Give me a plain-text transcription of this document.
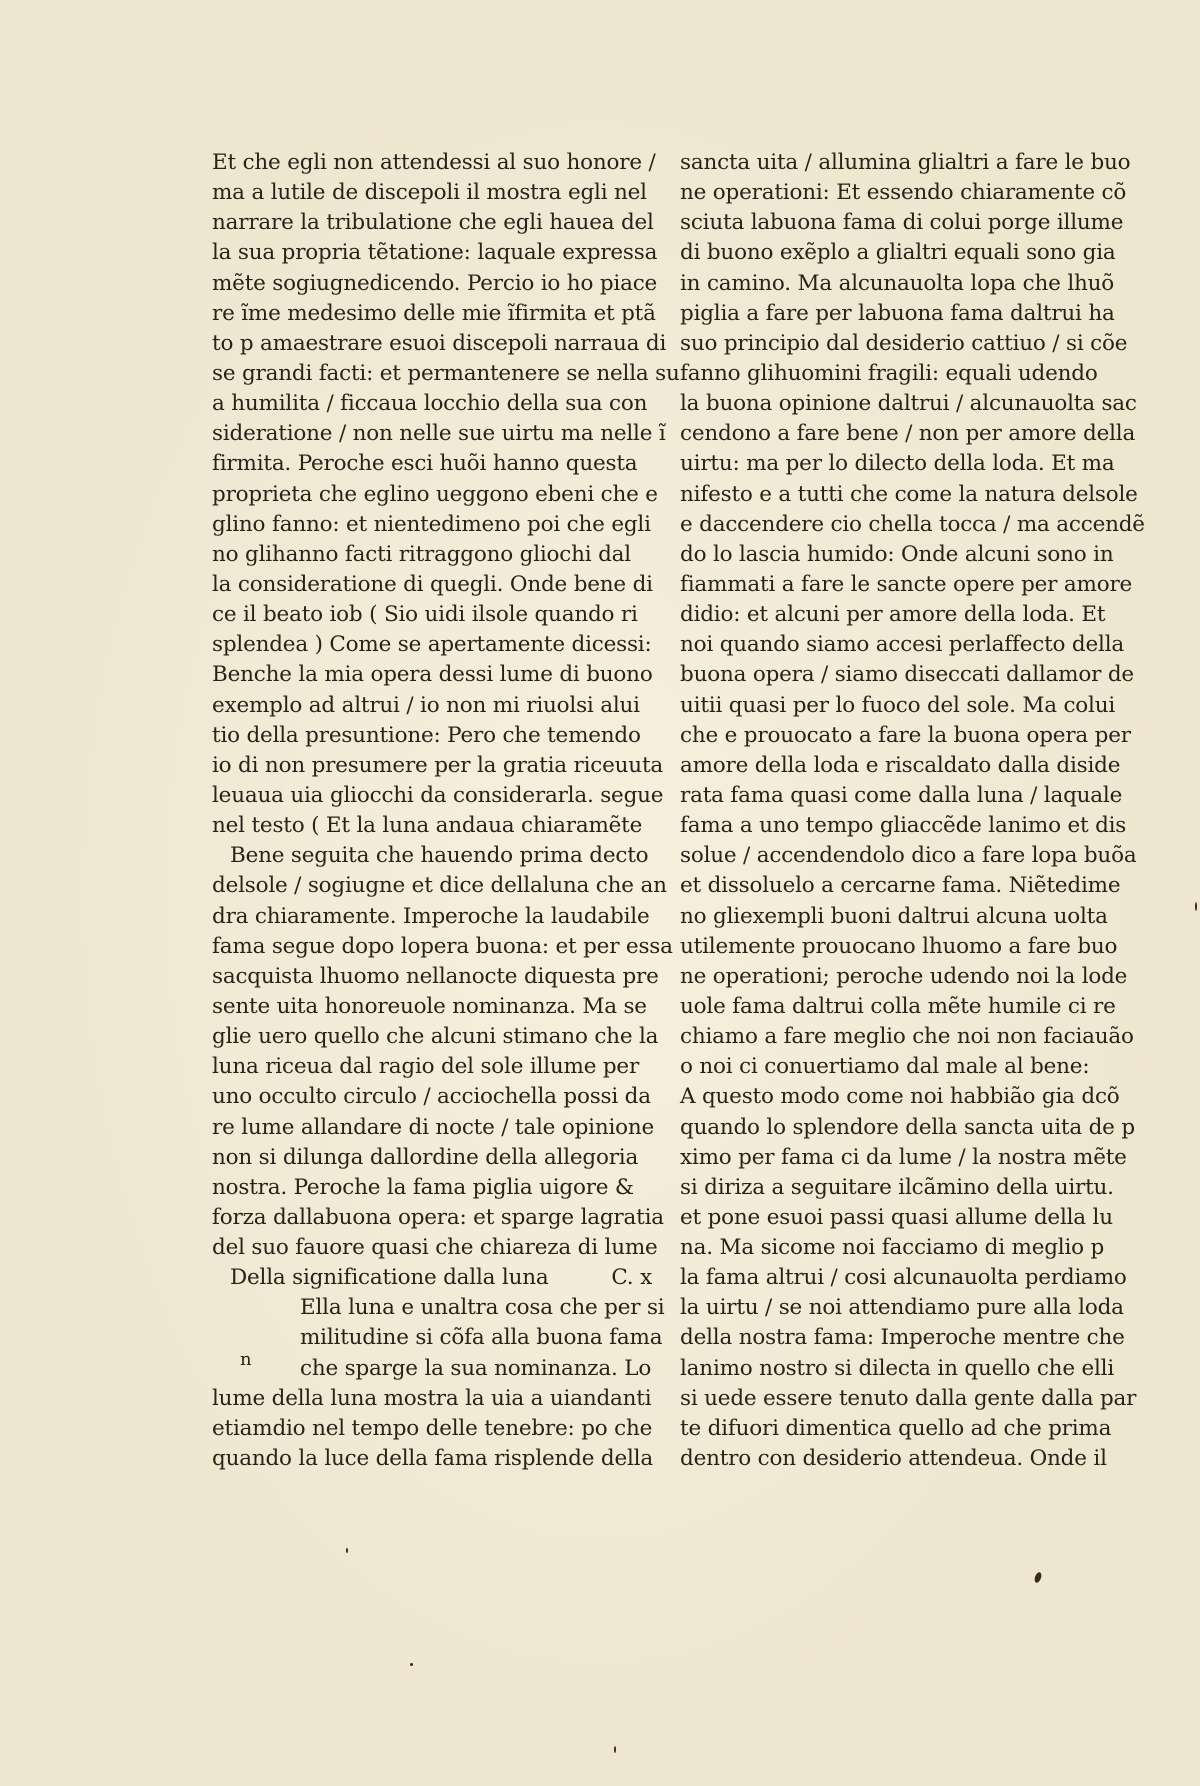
Et che egli non attendessi al suo honore /
ma a lutile de discepoli il mostra egli nel
narrare la tribulatione che egli hauea del
la sua propria tẽtatione: laquale expressa
mẽte sogiugnedicendo. Percio io ho piace
re ĩme medesimo delle mie ĩfirmita et ptã
to p amaestrare esuoi discepoli narraua di
se grandi facti: et permantenere se nella su
a humilita / ficcaua locchio della sua con
sideratione / non nelle sue uirtu ma nelle ĩ
firmita. Peroche esci huõi hanno questa
proprieta che eglino ueggono ebeni che e
glino fanno: et nientedimeno poi che egli
no glihanno facti ritraggono gliochi dal
la consideratione di quegli. Onde bene di
ce il beato iob ( Sio uidi ilsole quando ri
splendea ) Come se apertamente dicessi:
Benche la mia opera dessi lume di buono
exemplo ad altrui / io non mi riuolsi alui
tio della presuntione: Pero che temendo
io di non presumere per la gratia riceuuta
leuaua uia gliocchi da considerarla. segue
nel testo ( Et la luna andaua chiaramẽte
Bene seguita che hauendo prima decto
delsole / sogiugne et dice dellaluna che an
dra chiaramente. Imperoche la laudabile
fama segue dopo lopera buona: et per essa
sacquista lhuomo nellanocte diquesta pre
sente uita honoreuole nominanza. Ma se
glie uero quello che alcuni stimano che la
luna riceua dal ragio del sole illume per
uno occulto circulo / acciochella possi da
re lume allandare di nocte / tale opinione
non si dilunga dallordine della allegoria
nostra. Peroche la fama piglia uigore &
forza dallabuona opera: et sparge lagratia
del suo fauore quasi che chiareza di lume
Della significatione dalla luna	C. x
Ella luna e unaltra cosa che per si
militudine si cõfa alla buona fama
che sparge la sua nominanza. Lo
lume della luna mostra la uia a uiandanti
etiamdio nel tempo delle tenebre: po che
quando la luce della fama risplende della
n
sancta uita / allumina glialtri a fare le buo
ne operationi: Et essendo chiaramente cõ
sciuta labuona fama di colui porge illume
di buono exẽplo a glialtri equali sono gia
in camino. Ma alcunauolta lopa che lhuõ
piglia a fare per labuona fama daltrui ha
suo principio dal desiderio cattiuo / si cõe
fanno glihuomini fragili: equali udendo
la buona opinione daltrui / alcunauolta sac
cendono a fare bene / non per amore della
uirtu: ma per lo dilecto della loda. Et ma
nifesto e a tutti che come la natura delsole
e daccendere cio chella tocca / ma accendẽ
do lo lascia humido: Onde alcuni sono in
fiammati a fare le sancte opere per amore
didio: et alcuni per amore della loda. Et
noi quando siamo accesi perlaffecto della
buona opera / siamo diseccati dallamor de
uitii quasi per lo fuoco del sole. Ma colui
che e prouocato a fare la buona opera per
amore della loda e riscaldato dalla diside
rata fama quasi come dalla luna / laquale
fama a uno tempo gliaccẽde lanimo et dis
solue / accendendolo dico a fare lopa buõa
et dissoluelo a cercarne fama. Niẽtedime
no gliexempli buoni daltrui alcuna uolta
utilemente prouocano lhuomo a fare buo
ne operationi; peroche udendo noi la lode
uole fama daltrui colla mẽte humile ci re
chiamo a fare meglio che noi non faciauão
o noi ci conuertiamo dal male al bene:
A questo modo come noi habbião gia dcõ
quando lo splendore della sancta uita de p
ximo per fama ci da lume / la nostra mẽte
si diriza a seguitare ilcãmino della uirtu.
et pone esuoi passi quasi allume della lu
na. Ma sicome noi facciamo di meglio p
la fama altrui / cosi alcunauolta perdiamo
la uirtu / se noi attendiamo pure alla loda
della nostra fama: Imperoche mentre che
lanimo nostro si dilecta in quello che elli
si uede essere tenuto dalla gente dalla par
te difuori dimentica quello ad che prima
dentro con desiderio attendeua. Onde il
